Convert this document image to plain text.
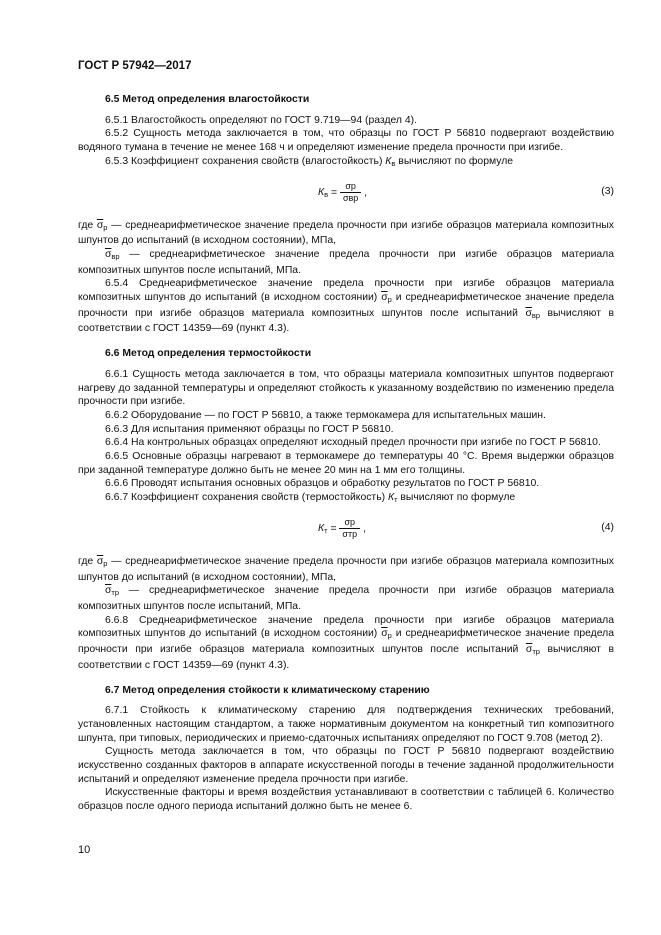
ГОСТ Р 57942—2017

6.5 Метод определения влагостойкости

6.5.1 Влагостойкость определяют по ГОСТ 9.719—94 (раздел 4).

6.5.2 Сущность метода заключается в том, что образцы по ГОСТ Р 56810 подвергают воздействию водяного тумана в течение не менее 168 ч и определяют изменение предела прочности при изгибе.

6.5.3 Коэффициент сохранения свойств (влагостойкость) $К_в$ вычисляют по формуле

$К_в = \frac{\sigma р}{\text{σвр}}$ ,	(3)

где $\overline{\sigma}_р$ — среднеарифметическое значение предела прочности при изгибе образцов материала композитных шпунтов до испытаний (в исходном состоянии), МПа,

$\overline{\sigma}_{вр}$ — среднеарифметическое значение предела прочности при изгибе образцов материала композитных шпунтов после испытаний, МПа.

6.5.4 Среднеарифметическое значение предела прочности при изгибе образцов материала композитных шпунтов до испытаний (в исходном состоянии) $\overline{\sigma}_р$ и среднеарифметическое значение предела прочности при изгибе образцов материала композитных шпунтов после испытаний $\overline{\sigma}_{вр}$ вычисляют в соответствии с ГОСТ 14359—69 (пункт 4.3).

6.6 Метод определения термостойкости

6.6.1 Сущность метода заключается в том, что образцы материала композитных шпунтов подвергают нагреву до заданной температуры и определяют стойкость к указанному воздействию по изменению предела прочности при изгибе.

6.6.2 Оборудование — по ГОСТ Р 56810, а также термокамера для испытательных машин.

6.6.3 Для испытания применяют образцы по ГОСТ Р 56810.

6.6.4 На контрольных образцах определяют исходный предел прочности при изгибе по ГОСТ Р 56810.

6.6.5 Основные образцы нагревают в термокамере до температуры 40 °С. Время выдержки образцов при заданной температуре должно быть не менее 20 мин на 1 мм его толщины.

6.6.6 Проводят испытания основных образцов и обработку результатов по ГОСТ Р 56810.

6.6.7 Коэффициент сохранения свойств (термостойкость) $К_т$ вычисляют по формуле

$К_т = \frac{\sigma р}{\text{σтр}}$ ,	(4)

где $\overline{\sigma}_р$ — среднеарифметическое значение предела прочности при изгибе образцов материала композитных шпунтов до испытаний (в исходном состоянии), МПа,

$\overline{\sigma}_{тр}$ — среднеарифметическое значение предела прочности при изгибе образцов материала композитных шпунтов после испытаний, МПа.

6.6.8 Среднеарифметическое значение предела прочности при изгибе образцов материала композитных шпунтов до испытаний (в исходном состоянии) $\overline{\sigma}_р$ и среднеарифметическое значение предела прочности при изгибе образцов материала композитных шпунтов после испытаний $\overline{\sigma}_{тр}$ вычисляют в соответствии с ГОСТ 14359—69 (пункт 4.3).

6.7 Метод определения стойкости к климатическому старению

6.7.1 Стойкость к климатическому старению для подтверждения технических требований, установленных настоящим стандартом, а также нормативным документом на конкретный тип композитного шпунта, при типовых, периодических и приемо-сдаточных испытаниях определяют по ГОСТ 9.708 (метод 2).

Сущность метода заключается в том, что образцы по ГОСТ Р 56810 подвергают воздействию искусственно созданных факторов в аппарате искусственной погоды в течение заданной продолжительности испытаний и определяют изменение предела прочности при изгибе.

Искусственные факторы и время воздействия устанавливают в соответствии с таблицей 6. Количество образцов после одного периода испытаний должно быть не менее 6.

10
